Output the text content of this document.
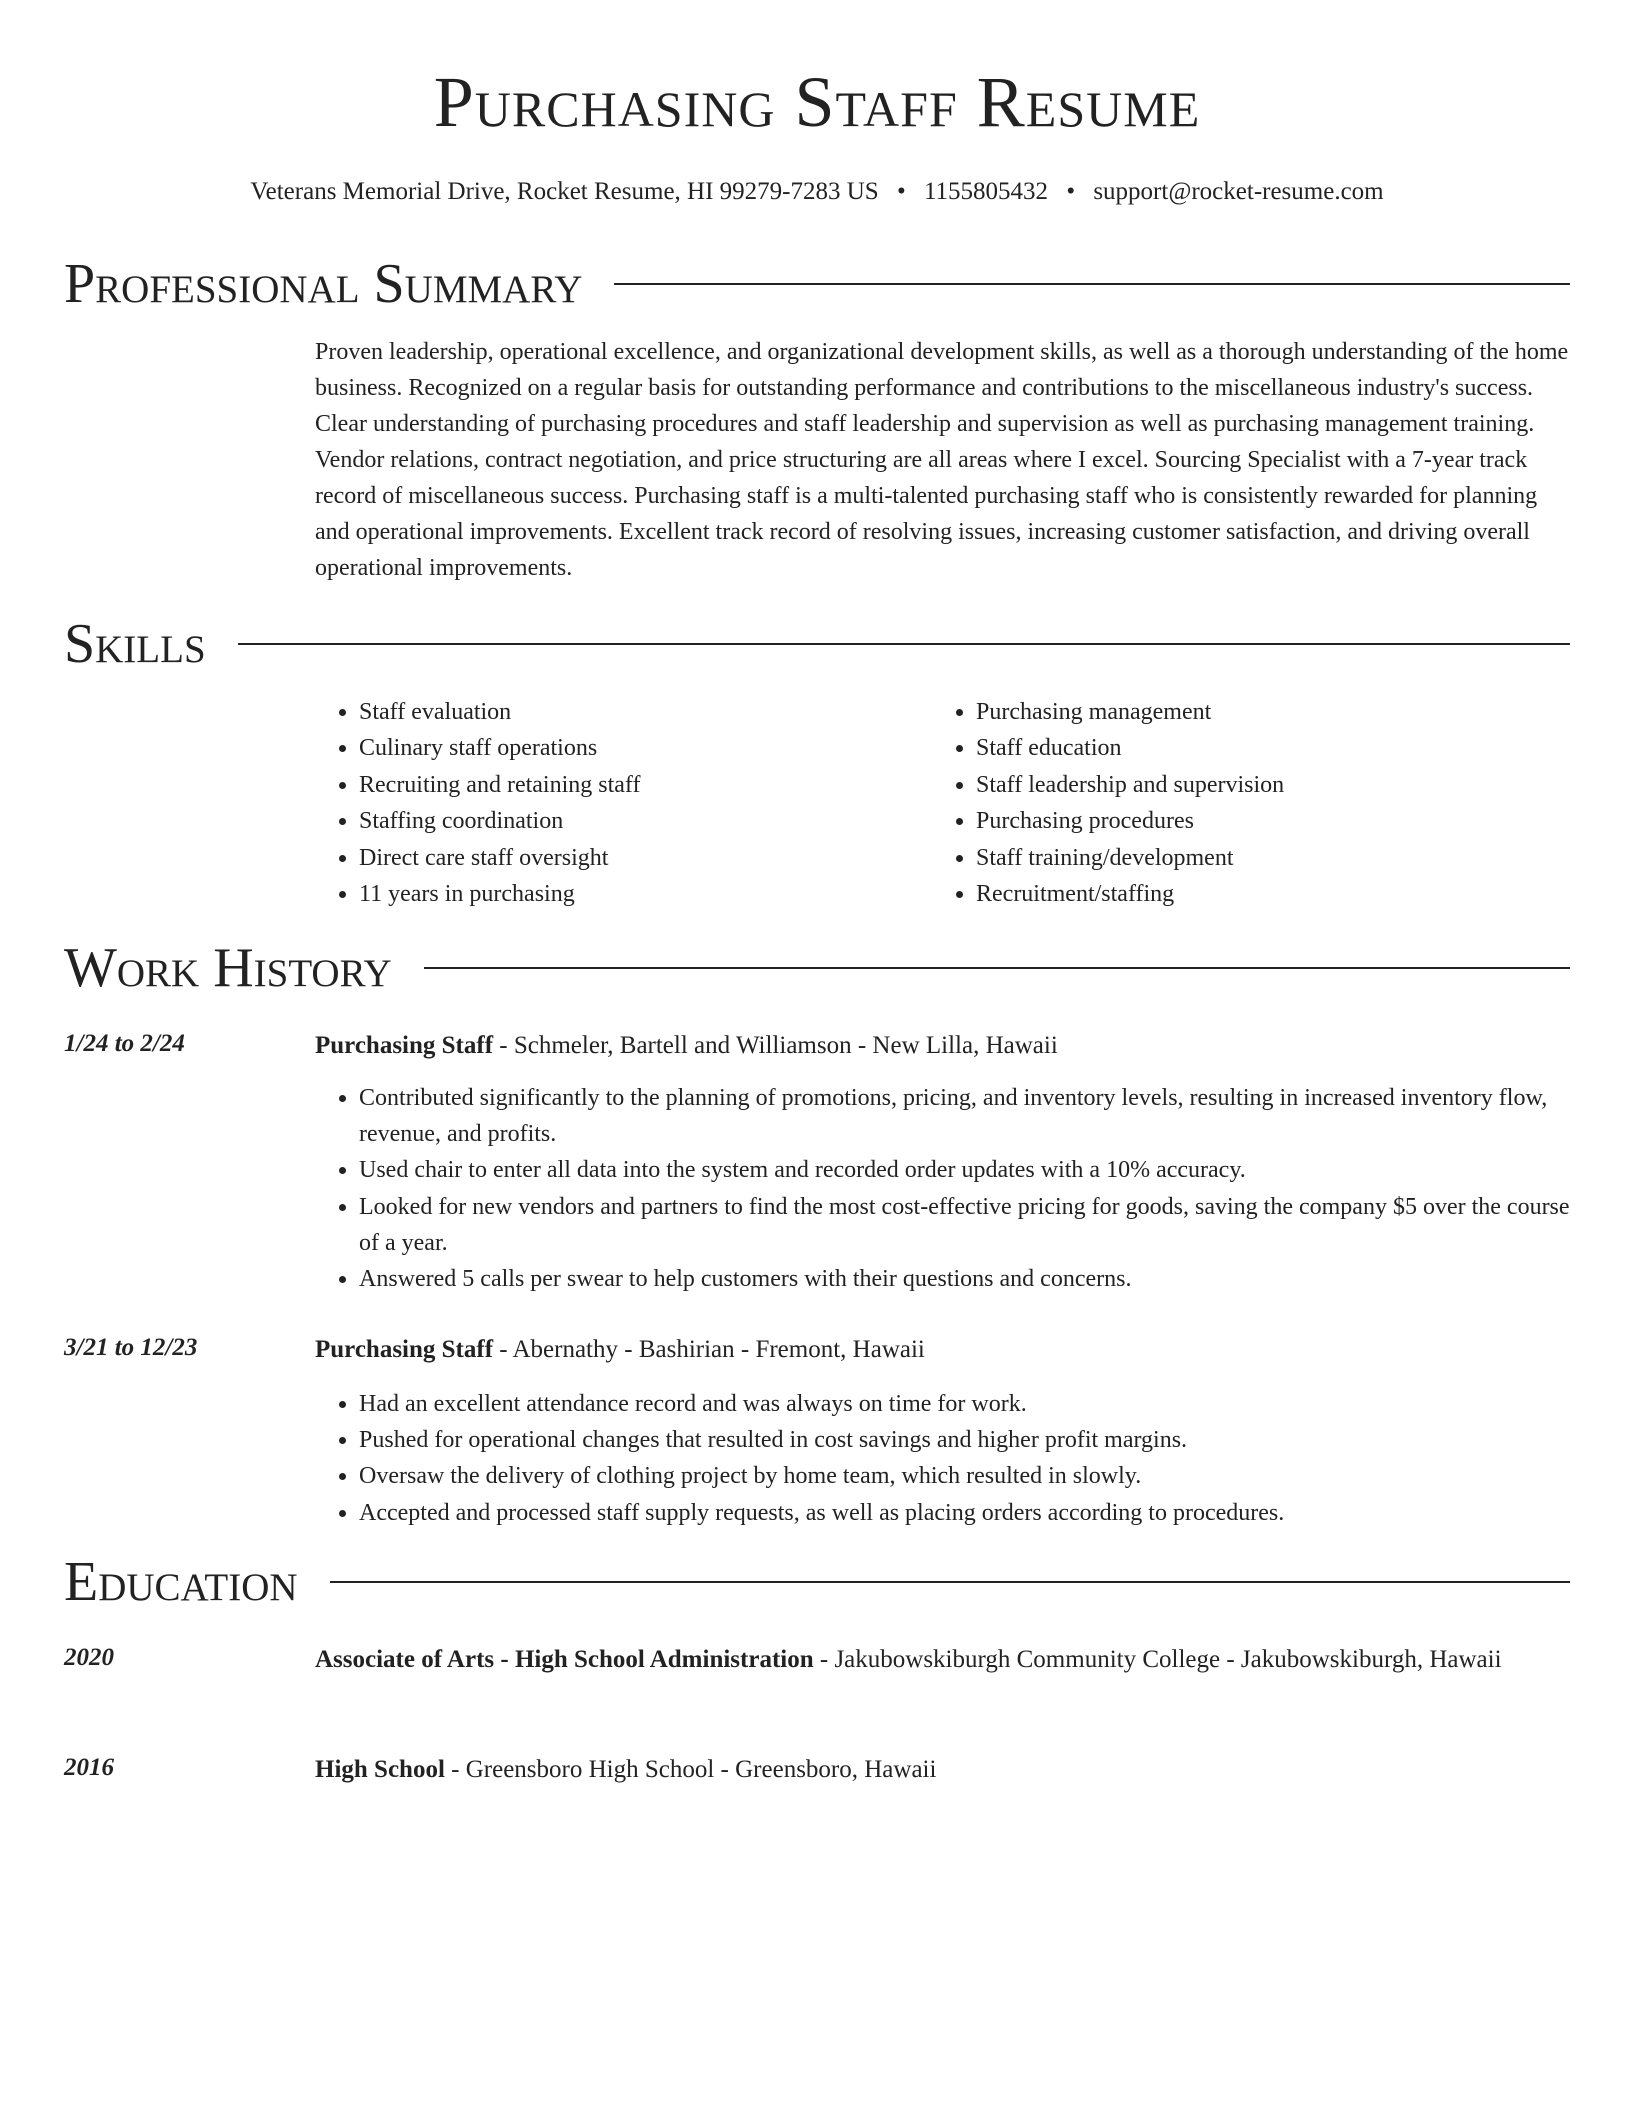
Purchasing Staff Resume
Veterans Memorial Drive, Rocket Resume, HI 99279-7283 US • 1155805432 • support@rocket-resume.com
Professional Summary

Proven leadership, operational excellence, and organizational development skills, as well as a thorough understanding of the home business. Recognized on a regular basis for outstanding performance and contributions to the miscellaneous industry's success. Clear understanding of purchasing procedures and staff leadership and supervision as well as purchasing management training. Vendor relations, contract negotiation, and price structuring are all areas where I excel. Sourcing Specialist with a 7-year track record of miscellaneous success. Purchasing staff is a multi-talented purchasing staff who is consistently rewarded for planning and operational improvements. Excellent track record of resolving issues, increasing customer satisfaction, and driving overall operational improvements.

Skills
• Staff evaluation
• Culinary staff operations
• Recruiting and retaining staff
• Staffing coordination
• Direct care staff oversight
• 11 years in purchasing
• Purchasing management
• Staff education
• Staff leadership and supervision
• Purchasing procedures
• Staff training/development
• Recruitment/staffing
Work History
1/24 to 2/24	Purchasing Staff - Schmeler, Bartell and Williamson - New Lilla, Hawaii
• Contributed significantly to the planning of promotions, pricing, and inventory levels, resulting in increased inventory flow, revenue, and profits.
• Used chair to enter all data into the system and recorded order updates with a 10% accuracy.
• Looked for new vendors and partners to find the most cost-effective pricing for goods, saving the company $5 over the course of a year.
• Answered 5 calls per swear to help customers with their questions and concerns.
3/21 to 12/23	Purchasing Staff - Abernathy - Bashirian - Fremont, Hawaii
• Had an excellent attendance record and was always on time for work.
• Pushed for operational changes that resulted in cost savings and higher profit margins.
• Oversaw the delivery of clothing project by home team, which resulted in slowly.
• Accepted and processed staff supply requests, as well as placing orders according to procedures.
Education
2020	Associate of Arts - High School Administration - Jakubowskiburgh Community College - Jakubowskiburgh, Hawaii
2016	High School - Greensboro High School - Greensboro, Hawaii
